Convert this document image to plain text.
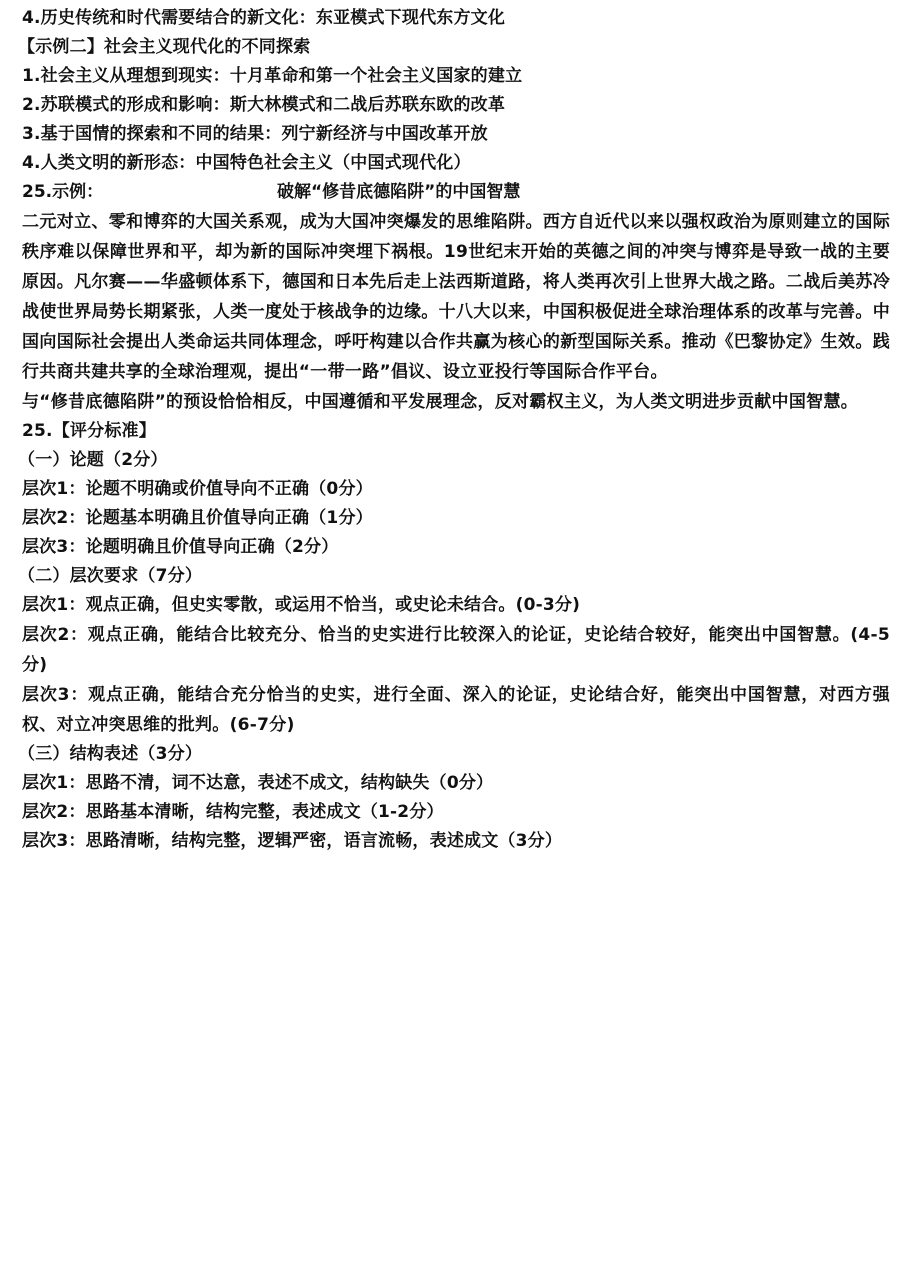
4.历史传统和时代需要结合的新文化：东亚模式下现代东方文化
【示例二】社会主义现代化的不同探索
1.社会主义从理想到现实：十月革命和第一个社会主义国家的建立
2.苏联模式的形成和影响：斯大林模式和二战后苏联东欧的改革
3.基于国情的探索和不同的结果：列宁新经济与中国改革开放
4.人类文明的新形态：中国特色社会主义（中国式现代化）
25.示例：	破解“修昔底德陷阱”的中国智慧
二元对立、零和博弈的大国关系观，成为大国冲突爆发的思维陷阱。西方自近代以来以强权政治为原则建立的国际秩序难以保障世界和平，却为新的国际冲突埋下祸根。19世纪末开始的英德之间的冲突与博弈是导致一战的主要原因。凡尔赛——华盛顿体系下，德国和日本先后走上法西斯道路，将人类再次引上世界大战之路。二战后美苏冷战使世界局势长期紧张，人类一度处于核战争的边缘。十八大以来，中国积极促进全球治理体系的改革与完善。中国向国际社会提出人类命运共同体理念，呼吁构建以合作共赢为核心的新型国际关系。推动《巴黎协定》生效。践行共商共建共享的全球治理观，提出“一带一路”倡议、设立亚投行等国际合作平台。
与“修昔底德陷阱”的预设恰恰相反，中国遵循和平发展理念，反对霸权主义，为人类文明进步贡献中国智慧。
25.【评分标准】
（一）论题（2分）
层次1：论题不明确或价值导向不正确（0分）
层次2：论题基本明确且价值导向正确（1分）
层次3：论题明确且价值导向正确（2分）
（二）层次要求（7分）
层次1：观点正确，但史实零散，或运用不恰当，或史论未结合。(0-3分)
层次2：观点正确，能结合比较充分、恰当的史实进行比较深入的论证，史论结合较好，能突出中国智慧。(4-5分)
层次3：观点正确，能结合充分恰当的史实，进行全面、深入的论证，史论结合好，能突出中国智慧，对西方强权、对立冲突思维的批判。(6-7分)
（三）结构表述（3分）
层次1：思路不清，词不达意，表述不成文，结构缺失（0分）
层次2：思路基本清晰，结构完整，表述成文（1-2分）
层次3：思路清晰，结构完整，逻辑严密，语言流畅，表述成文（3分）
